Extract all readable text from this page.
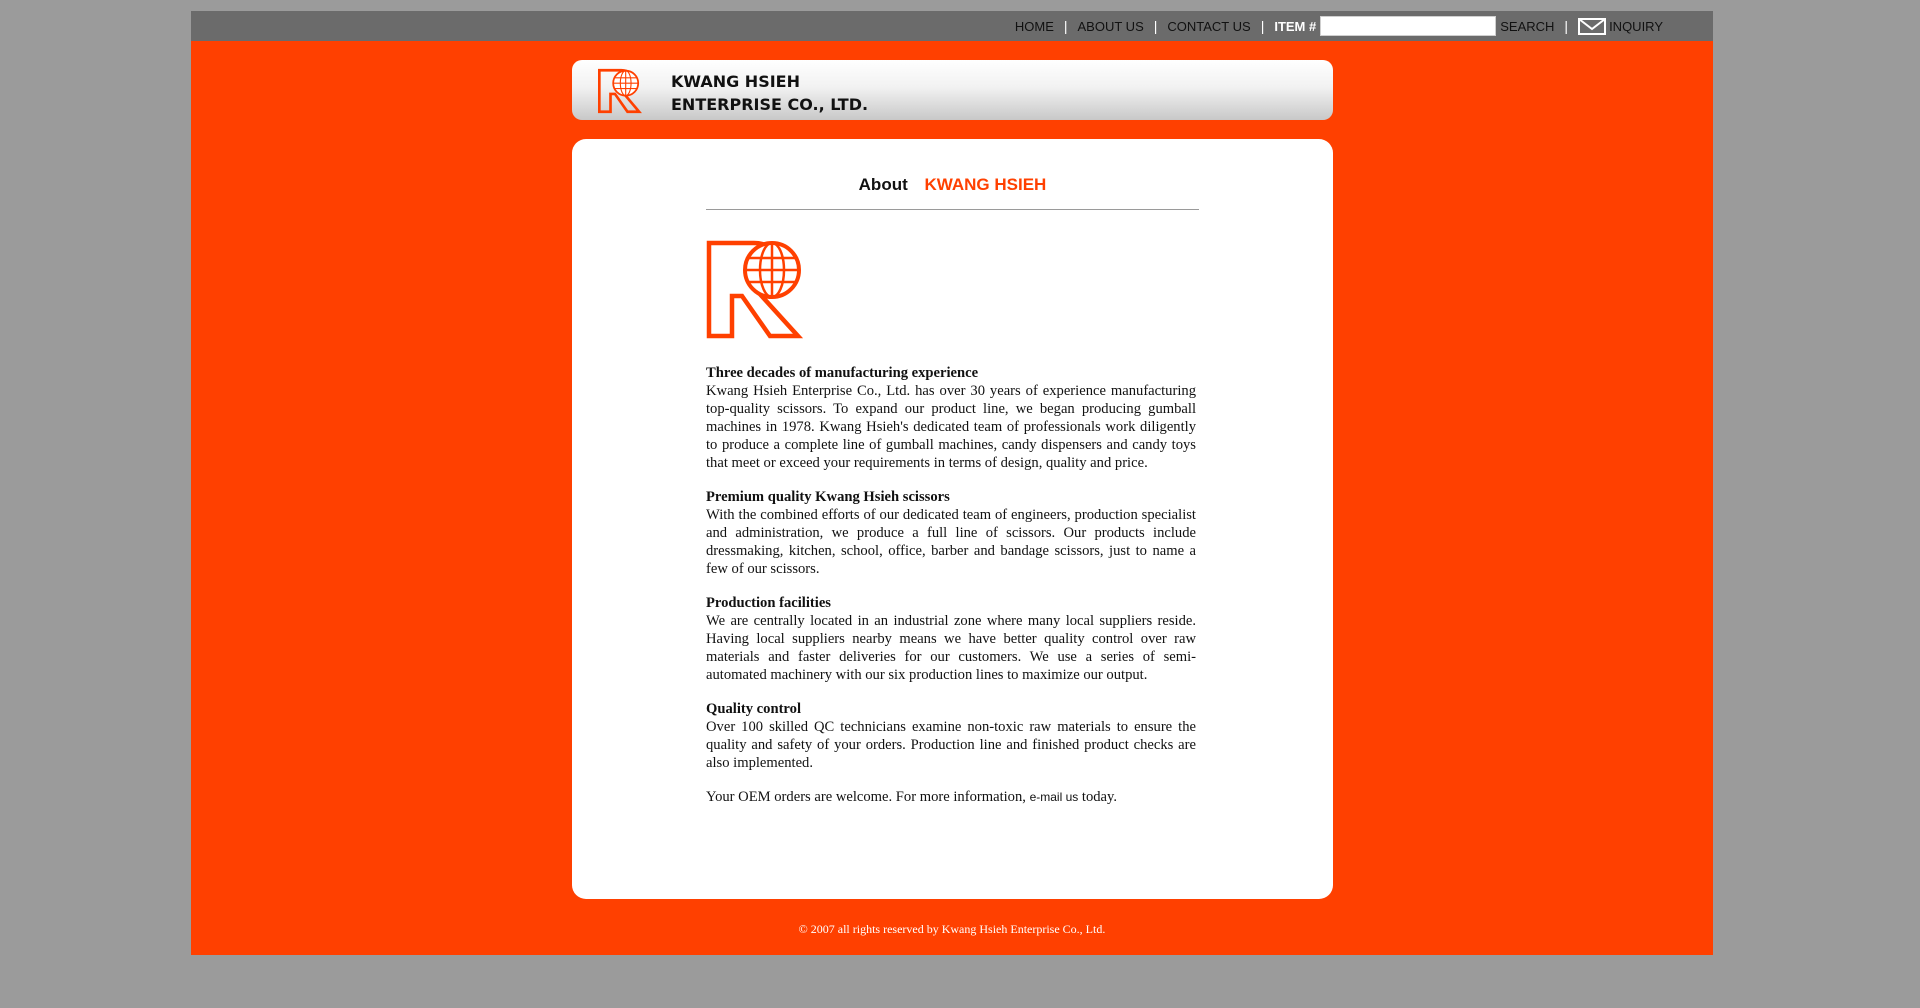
HOME | ABOUT US | CONTACT US | ITEM #	SEARCH |	INQUIRY
KWANG HSIEH
ENTERPRISE CO., LTD.
About KWANG HSIEH
Three decades of manufacturing experience

Kwang Hsieh Enterprise Co., Ltd. has over 30 years of experience manufacturing top-quality scissors. To expand our product line, we began producing gumball machines in 1978. Kwang Hsieh's dedicated team of professionals work diligently to produce a complete line of gumball machines, candy dispensers and candy toys that meet or exceed your requirements in terms of design, quality and price.

Premium quality Kwang Hsieh scissors

With the combined efforts of our dedicated team of engineers, production specialist and administration, we produce a full line of scissors. Our products include dressmaking, kitchen, school, office, barber and bandage scissors, just to name a few of our scissors.

Production facilities

We are centrally located in an industrial zone where many local suppliers reside. Having local suppliers nearby means we have better quality control over raw materials and faster deliveries for our customers. We use a series of semi-automated machinery with our six production lines to maximize our output.

Quality control

Over 100 skilled QC technicians examine non-toxic raw materials to ensure the quality and safety of your orders. Production line and finished product checks are also implemented.

Your OEM orders are welcome. For more information, e-mail us today.

© 2007 all rights reserved by Kwang Hsieh Enterprise Co., Ltd.
